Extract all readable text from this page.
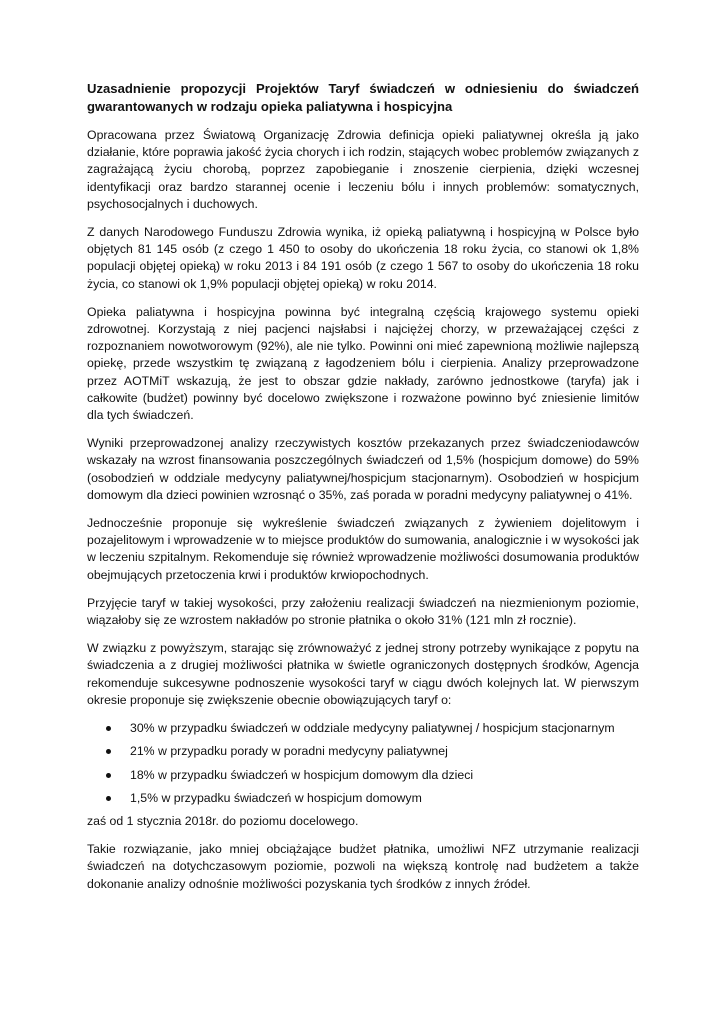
Uzasadnienie propozycji Projektów Taryf świadczeń w odniesieniu do świadczeń gwarantowanych w rodzaju opieka paliatywna i hospicyjna

Opracowana przez Światową Organizację Zdrowia definicja opieki paliatywnej określa ją jako działanie, które poprawia jakość życia chorych i ich rodzin, stających wobec problemów związanych z zagrażającą życiu chorobą, poprzez zapobieganie i znoszenie cierpienia, dzięki wczesnej identyfikacji oraz bardzo starannej ocenie i leczeniu bólu i innych problemów: somatycznych, psychosocjalnych i duchowych.

Z danych Narodowego Funduszu Zdrowia wynika, iż opieką paliatywną i hospicyjną w Polsce było objętych 81 145 osób (z czego 1 450 to osoby do ukończenia 18 roku życia, co stanowi ok 1,8% populacji objętej opieką) w roku 2013 i 84 191 osób (z czego 1 567 to osoby do ukończenia 18 roku życia, co stanowi ok 1,9% populacji objętej opieką) w roku 2014.

Opieka paliatywna i hospicyjna powinna być integralną częścią krajowego systemu opieki zdrowotnej. Korzystają z niej pacjenci najsłabsi i najciężej chorzy, w przeważającej części z rozpoznaniem nowotworowym (92%), ale nie tylko. Powinni oni mieć zapewnioną możliwie najlepszą opiekę, przede wszystkim tę związaną z łagodzeniem bólu i cierpienia. Analizy przeprowadzone przez AOTMiT wskazują, że jest to obszar gdzie nakłady, zarówno jednostkowe (taryfa) jak i całkowite (budżet) powinny być docelowo zwiększone i rozważone powinno być zniesienie limitów dla tych świadczeń.

Wyniki przeprowadzonej analizy rzeczywistych kosztów przekazanych przez świadczeniodawców wskazały na wzrost finansowania poszczególnych świadczeń od 1,5% (hospicjum domowe) do 59% (osobodzień w oddziale medycyny paliatywnej/hospicjum stacjonarnym). Osobodzień w hospicjum domowym dla dzieci powinien wzrosnąć o 35%, zaś porada w poradni medycyny paliatywnej o 41%.

Jednocześnie proponuje się wykreślenie świadczeń związanych z żywieniem dojelitowym i pozajelitowym i wprowadzenie w to miejsce produktów do sumowania, analogicznie i w wysokości jak w leczeniu szpitalnym. Rekomenduje się również wprowadzenie możliwości dosumowania produktów obejmujących przetoczenia krwi i produktów krwiopochodnych.

Przyjęcie taryf w takiej wysokości, przy założeniu realizacji świadczeń na niezmienionym poziomie, wiązałoby się ze wzrostem nakładów po stronie płatnika o około 31% (121 mln zł rocznie).

W związku z powyższym, starając się zrównoważyć z jednej strony potrzeby wynikające z popytu na świadczenia a z drugiej możliwości płatnika w świetle ograniczonych dostępnych środków, Agencja rekomenduje sukcesywne podnoszenie wysokości taryf w ciągu dwóch kolejnych lat. W pierwszym okresie proponuje się zwiększenie obecnie obowiązujących taryf o:

30% w przypadku świadczeń w oddziale medycyny paliatywnej / hospicjum stacjonarnym
21% w przypadku porady w poradni medycyny paliatywnej
18% w przypadku świadczeń w hospicjum domowym dla dzieci
1,5% w przypadku świadczeń w hospicjum domowym

zaś od 1 stycznia 2018r. do poziomu docelowego.

Takie rozwiązanie, jako mniej obciążające budżet płatnika, umożliwi NFZ utrzymanie realizacji świadczeń na dotychczasowym poziomie, pozwoli na większą kontrolę nad budżetem a także dokonanie analizy odnośnie możliwości pozyskania tych środków z innych źródeł.
